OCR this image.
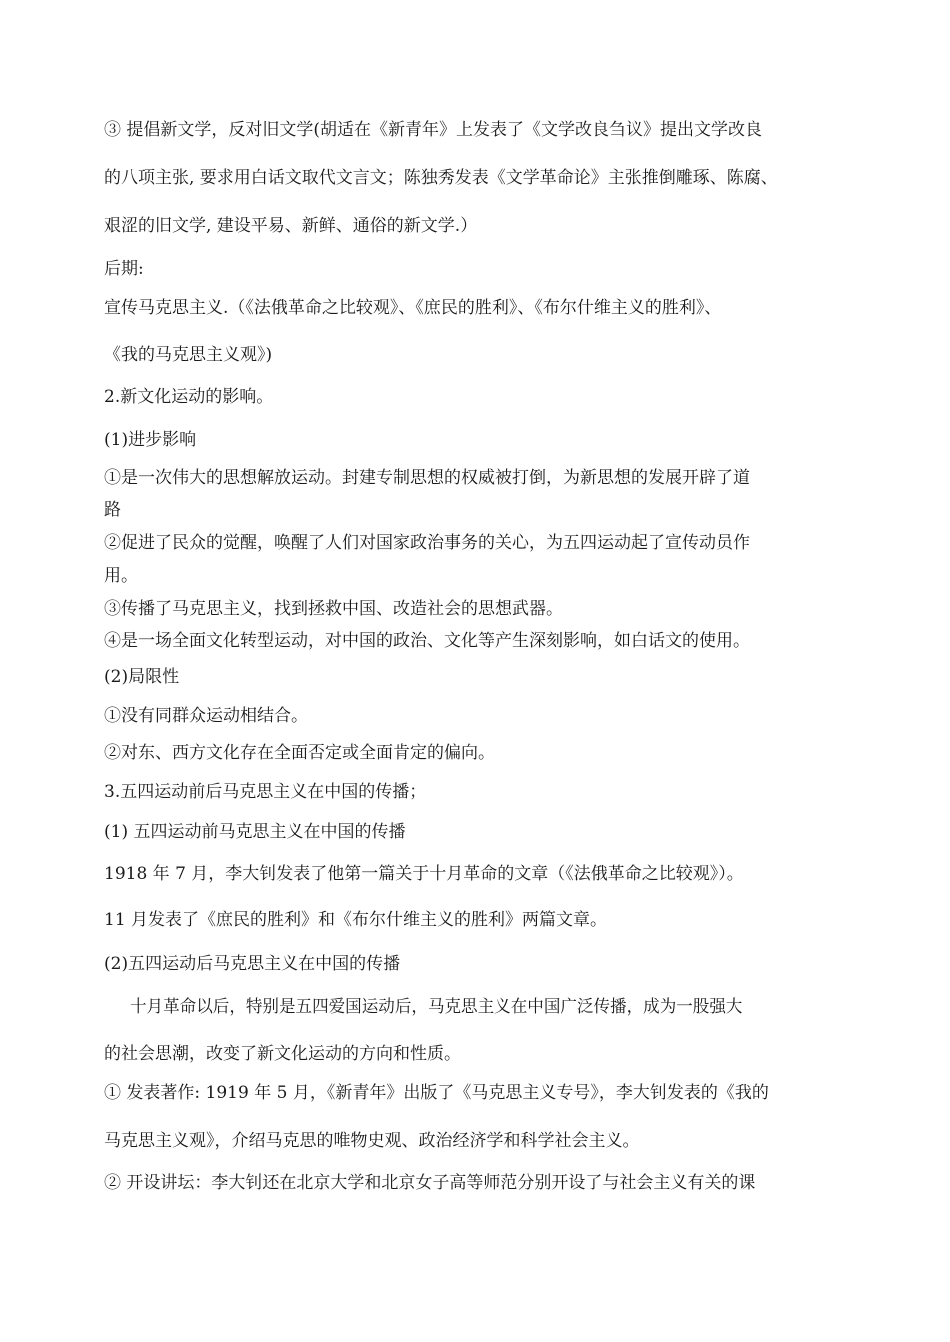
③ 提倡新文学，反对旧文学(胡适在《新青年》上发表了《文学改良刍议》提出文学改良
的八项主张, 要求用白话文取代文言文；陈独秀发表《文学革命论》主张推倒雕琢、陈腐、
艰涩的旧文学, 建设平易、新鲜、通俗的新文学.）
后期:
宣传马克思主义.（《法俄革命之比较观》、《庶民的胜利》、《布尔什维主义的胜利》、
《我的马克思主义观》)
2.新文化运动的影响。
(1)进步影响
①是一次伟大的思想解放运动。封建专制思想的权威被打倒，为新思想的发展开辟了道
路
②促进了民众的觉醒，唤醒了人们对国家政治事务的关心，为五四运动起了宣传动员作
用。
③传播了马克思主义，找到拯救中国、改造社会的思想武器。
④是一场全面文化转型运动，对中国的政治、文化等产生深刻影响，如白话文的使用。
(2)局限性
①没有同群众运动相结合。
②对东、西方文化存在全面否定或全面肯定的偏向。
3.五四运动前后马克思主义在中国的传播；
(1) 五四运动前马克思主义在中国的传播
1918 年 7 月，李大钊发表了他第一篇关于十月革命的文章（《法俄革命之比较观》）。
11 月发表了《庶民的胜利》和《布尔什维主义的胜利》两篇文章。
(2)五四运动后马克思主义在中国的传播
十月革命以后，特别是五四爱国运动后，马克思主义在中国广泛传播，成为一股强大
的社会思潮，改变了新文化运动的方向和性质。
① 发表著作: 1919 年 5 月，《新青年》出版了《马克思主义专号》，李大钊发表的《我的
马克思主义观》，介绍马克思的唯物史观、政治经济学和科学社会主义。
② 开设讲坛：李大钊还在北京大学和北京女子高等师范分别开设了与社会主义有关的课
